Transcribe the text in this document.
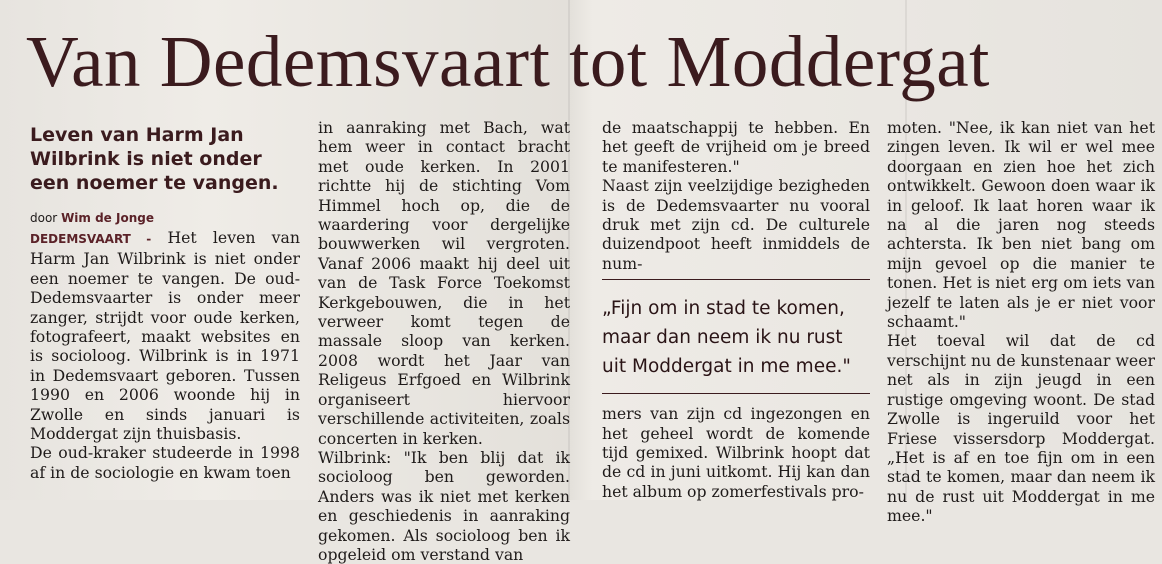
Van Dedemsvaart tot Moddergat
Leven van Harm Jan Wilbrink is niet onder een noemer te vangen.
door Wim de Jonge

DEDEMSVAART - Het leven van Harm Jan Wilbrink is niet onder een noemer te vangen. De oud-Dedemsvaarter is onder meer zanger, strijdt voor oude kerken, fotografeert, maakt websites en is socioloog. Wilbrink is in 1971 in Dedemsvaart geboren. Tussen 1990 en 2006 woonde hij in Zwolle en sinds januari is Moddergat zijn thuisbasis.

De oud-kraker studeerde in 1998 af in de sociologie en kwam toen

in aanraking met Bach, wat hem weer in contact bracht met oude kerken. In 2001 richtte hij de stichting Vom Himmel hoch op, die de waardering voor dergelijke bouwwerken wil vergroten. Vanaf 2006 maakt hij deel uit van de Task Force Toekomst Kerkgebouwen, die in het verweer komt tegen de massale sloop van kerken. 2008 wordt het Jaar van Religeus Erfgoed en Wilbrink organiseert hiervoor verschillende activiteiten, zoals concerten in kerken.

Wilbrink: "Ik ben blij dat ik socioloog ben geworden. Anders was ik niet met kerken en geschiedenis in aanraking gekomen. Als socioloog ben ik opgeleid om verstand van

de maatschappij te hebben. En het geeft de vrijheid om je breed te manifesteren."

Naast zijn veelzijdige bezigheden is de Dedemsvaarter nu vooral druk met zijn cd. De culturele duizendpoot heeft inmiddels de num-

„Fijn om in stad te komen, maar dan neem ik nu rust uit Moddergat in me mee."

mers van zijn cd ingezongen en het geheel wordt de komende tijd gemixed. Wilbrink hoopt dat de cd in juni uitkomt. Hij kan dan het album op zomerfestivals pro-

moten. "Nee, ik kan niet van het zingen leven. Ik wil er wel mee doorgaan en zien hoe het zich ontwikkelt. Gewoon doen waar ik in geloof. Ik laat horen waar ik na al die jaren nog steeds achtersta. Ik ben niet bang om mijn gevoel op die manier te tonen. Het is niet erg om iets van jezelf te laten als je er niet voor schaamt."

Het toeval wil dat de cd verschijnt nu de kunstenaar weer net als in zijn jeugd in een rustige omgeving woont. De stad Zwolle is ingeruild voor het Friese vissersdorp Moddergat. „Het is af en toe fijn om in een stad te komen, maar dan neem ik nu de rust uit Moddergat in me mee."
